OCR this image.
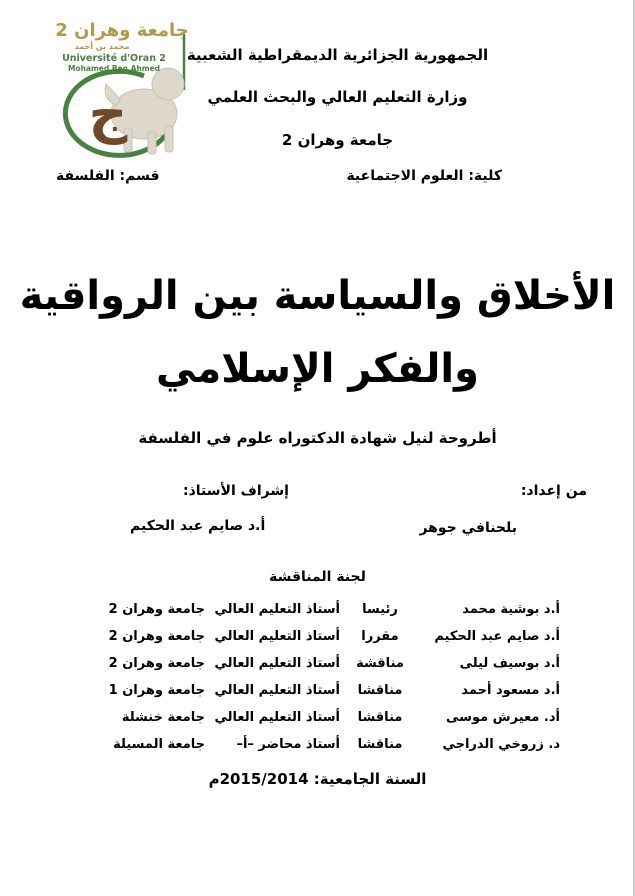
ج
جامعة وهران 2
محمد بن أحمد
Université d'Oran 2
Mohamed Ben Ahmed
الجمهورية الجزائرية الديمقراطية الشعبية
وزارة التعليم العالي والبحث العلمي
جامعة وهران 2
كلية: العلوم الاجتماعية
قسم: الفلسفة
الأخلاق والسياسة بين الرواقية
والفكر الإسلامي
أطروحة لنيل شهادة الدكتوراه علوم في الفلسفة
من إعداد:
إشراف الأستاذ:
بلحنافي جوهر
أ.د صايم عبد الحكيم
لجنة المناقشة
أ.د بوشية محمد
رئيسا
أستاذ التعليم العالي
جامعة وهران 2
أ.د صايم عبد الحكيم
مقررا
أستاذ التعليم العالي
جامعة وهران 2
أ.د بوسيف ليلى
مناقشة
أستاذ التعليم العالي
جامعة وهران 2
أ.د مسعود أحمد
مناقشا
أستاذ التعليم العالي
جامعة وهران 1
أد. معيرش موسى
مناقشا
أستاذ التعليم العالي
جامعة خنشلة
د. زروخي الدراجي
مناقشا
أستاذ محاضر –أ–
جامعة المسيلة
السنة الجامعية: 2015/2014م
